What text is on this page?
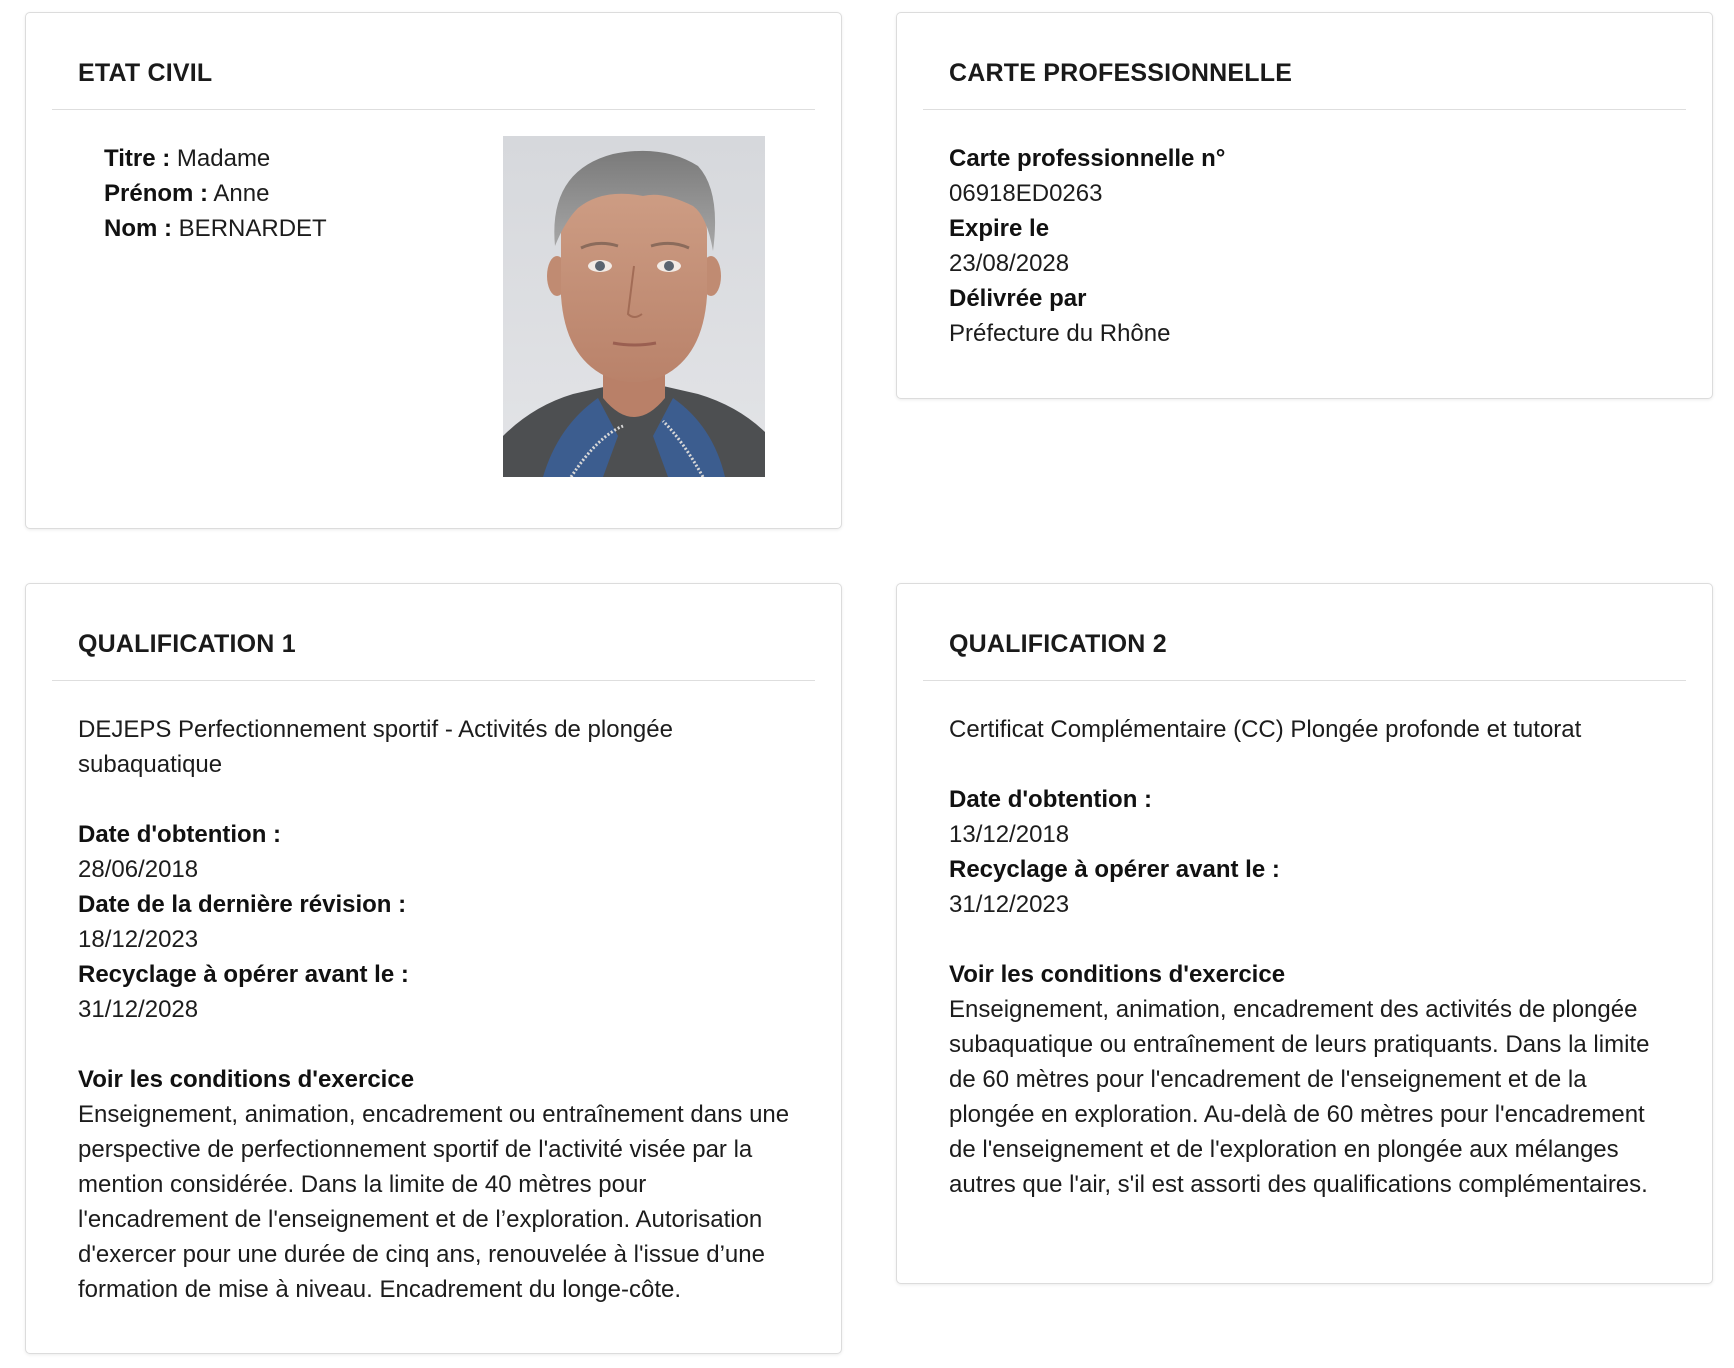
ETAT CIVIL
Titre : Madame
Prénom : Anne
Nom : BERNARDET
CARTE PROFESSIONNELLE
Carte professionnelle n°
06918ED0263
Expire le
23/08/2028
Délivrée par
Préfecture du Rhône
QUALIFICATION 1

DEJEPS Perfectionnement sportif - Activités de plongée subaquatique

Date d'obtention :
28/06/2018
Date de la dernière révision :
18/12/2023
Recyclage à opérer avant le :
31/12/2028
Voir les conditions d'exercice

Enseignement, animation, encadrement ou entraînement dans une perspective de perfectionnement sportif de l'activité visée par la mention considérée. Dans la limite de 40 mètres pour l'encadrement de l'enseignement et de l’exploration. Autorisation d'exercer pour une durée de cinq ans, renouvelée à l'issue d’une formation de mise à niveau. Encadrement du longe-côte.

QUALIFICATION 2

Certificat Complémentaire (CC) Plongée profonde et tutorat

Date d'obtention :
13/12/2018
Recyclage à opérer avant le :
31/12/2023
Voir les conditions d'exercice

Enseignement, animation, encadrement des activités de plongée subaquatique ou entraînement de leurs pratiquants. Dans la limite de 60 mètres pour l'encadrement de l'enseignement et de la plongée en exploration. Au-delà de 60 mètres pour l'encadrement de l'enseignement et de l'exploration en plongée aux mélanges autres que l'air, s'il est assorti des qualifications complémentaires.
